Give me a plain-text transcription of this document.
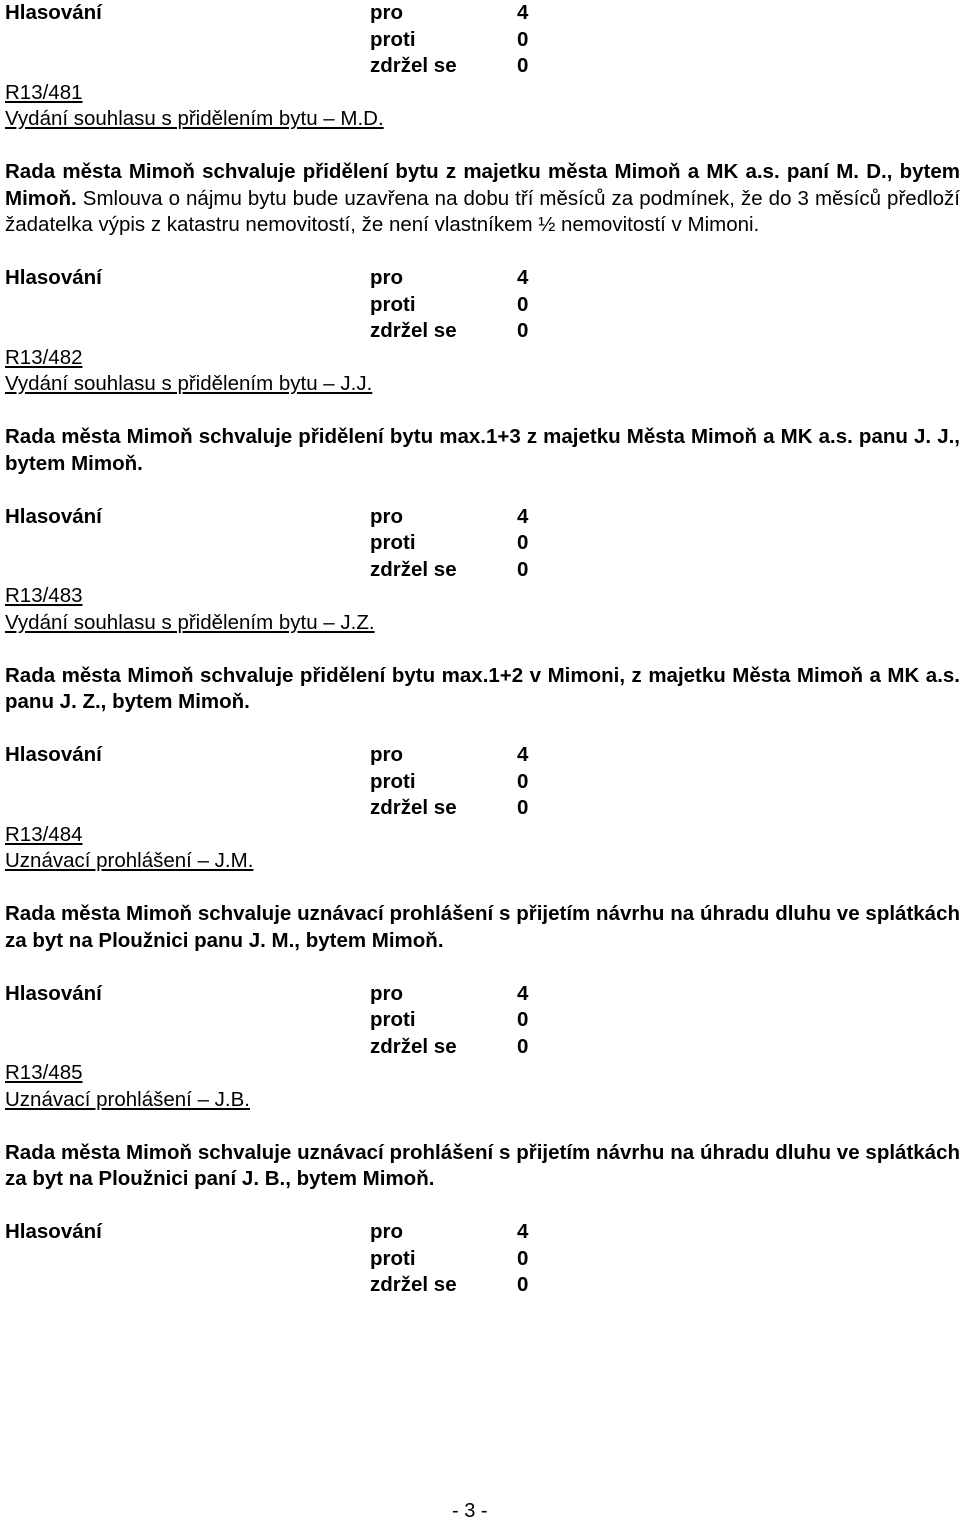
Hlasování	pro	4
proti	0
zdržel se	0
R13/481
Vydání souhlasu s přidělením bytu – M.D.
Rada města Mimoň schvaluje přidělení bytu z majetku města Mimoň a MK a.s. paní M. D., bytem Mimoň. Smlouva o nájmu bytu bude uzavřena na dobu tří měsíců za podmínek, že do 3 měsíců předloží žadatelka výpis z katastru nemovitostí, že není vlastníkem ½ nemovitostí v Mimoni.
Hlasování	pro	4
proti	0
zdržel se	0
R13/482
Vydání souhlasu s přidělením bytu – J.J.
Rada města Mimoň schvaluje přidělení bytu max.1+3 z majetku Města Mimoň a MK a.s. panu J. J., bytem Mimoň.
Hlasování	pro	4
proti	0
zdržel se	0
R13/483
Vydání souhlasu s přidělením bytu – J.Z.
Rada města Mimoň schvaluje přidělení bytu max.1+2 v Mimoni, z majetku Města Mimoň a MK a.s. panu J. Z., bytem Mimoň.
Hlasování	pro	4
proti	0
zdržel se	0
R13/484
Uznávací prohlášení – J.M.
Rada města Mimoň schvaluje uznávací prohlášení s přijetím návrhu na úhradu dluhu ve splátkách za byt na Ploužnici panu J. M., bytem Mimoň.
Hlasování	pro	4
proti	0
zdržel se	0
R13/485
Uznávací prohlášení – J.B.
Rada města Mimoň schvaluje uznávací prohlášení s přijetím návrhu na úhradu dluhu ve splátkách za byt na Ploužnici paní J. B., bytem Mimoň.
Hlasování	pro	4
proti	0
zdržel se	0
- 3 -
